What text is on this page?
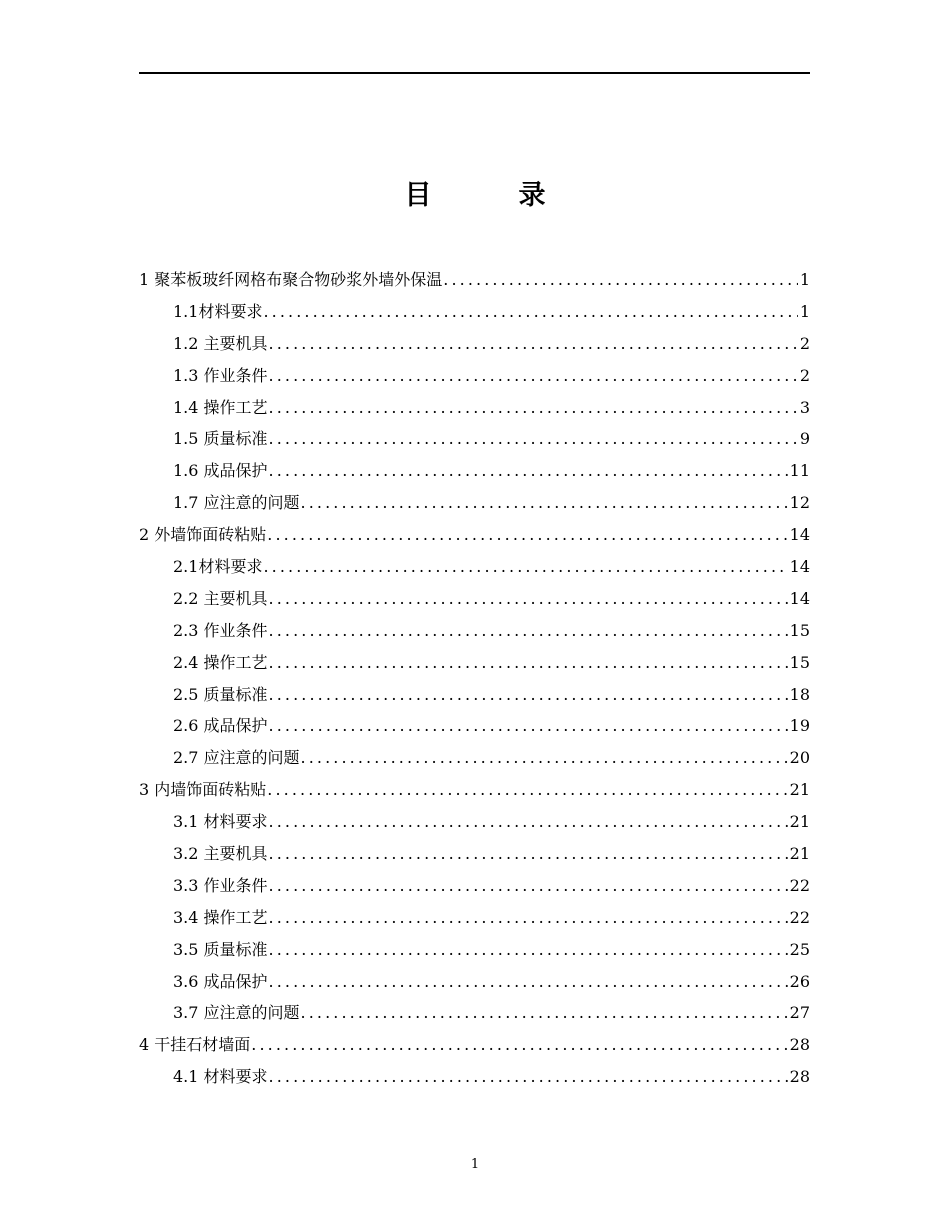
目　录
1 聚苯板玻纤网格布聚合物砂浆外墙外保温 .....	1
1.1材料要求 .....	1
1.2 主要机具 .....	2
1.3 作业条件 .....	2
1.4 操作工艺 .....	3
1.5 质量标准 .....	9
1.6 成品保护 .....	11
1.7 应注意的问题 .....	12
2 外墙饰面砖粘贴 .....	14
2.1材料要求 .....	14
2.2 主要机具 .....	14
2.3 作业条件 .....	15
2.4 操作工艺 .....	15
2.5 质量标准 .....	18
2.6 成品保护 .....	19
2.7 应注意的问题 .....	20
3 内墙饰面砖粘贴 .....	21
3.1 材料要求 .....	21
3.2 主要机具 .....	21
3.3 作业条件 .....	22
3.4 操作工艺 .....	22
3.5 质量标准 .....	25
3.6 成品保护 .....	26
3.7 应注意的问题 .....	27
4 干挂石材墙面 .....	28
4.1 材料要求 .....	28
1
